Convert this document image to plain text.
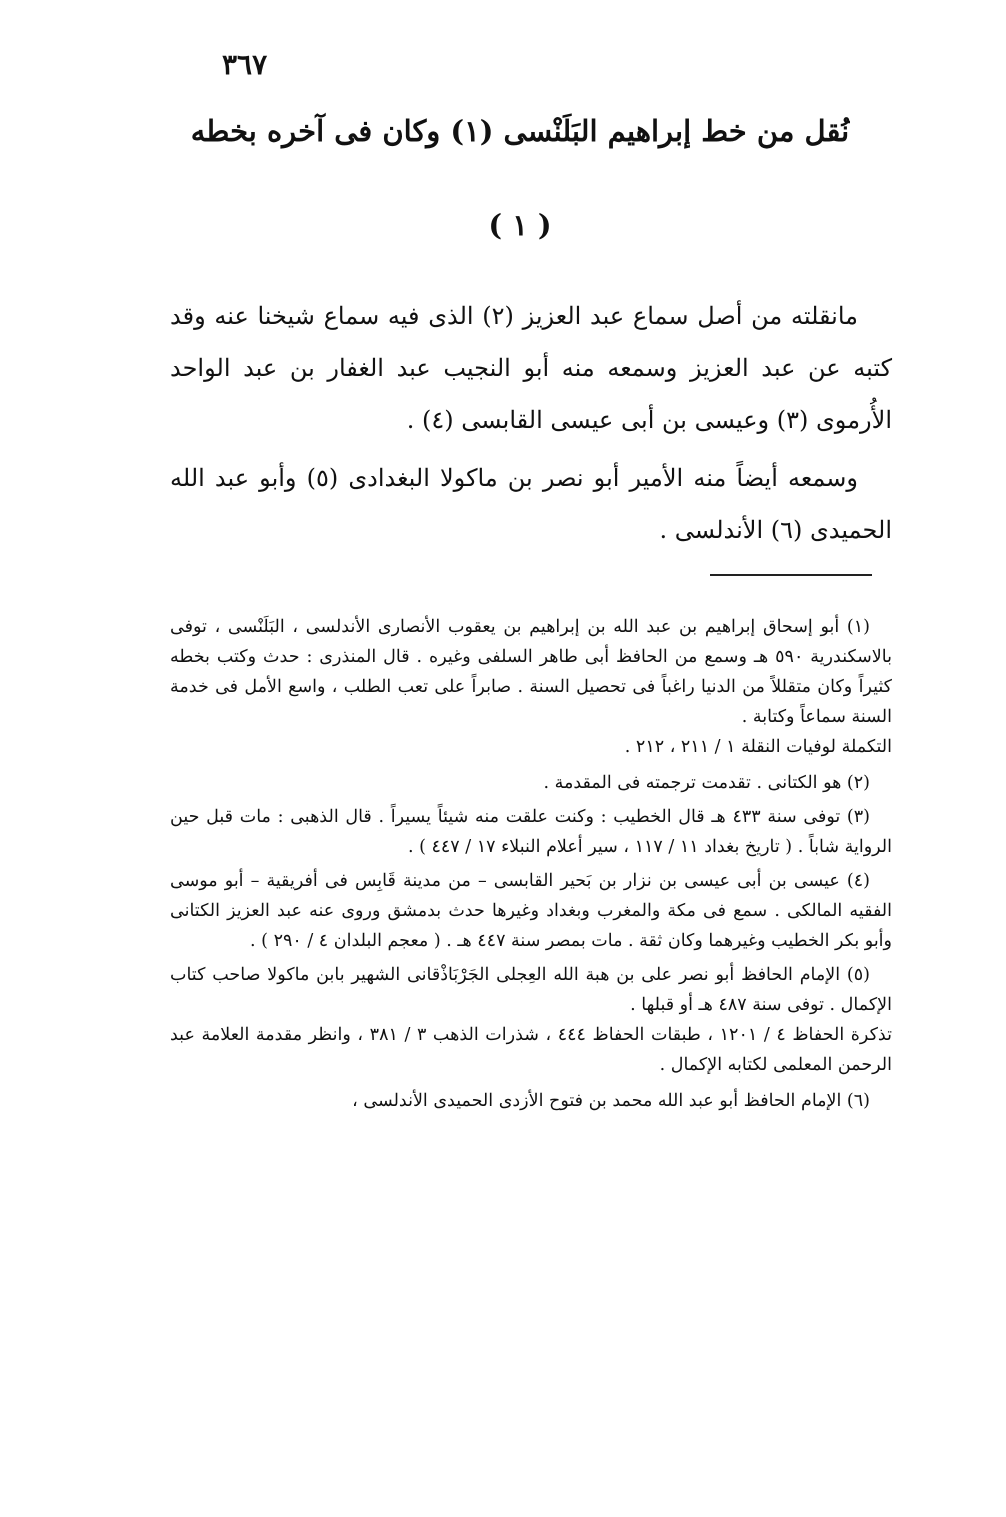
٣٦٧
نُقل من خط إبراهيم البَلَنْسى (١) وكان فى آخره بخطه
( ١ )

مانقلته من أصل سماع عبد العزيز (٢) الذى فيه سماع شيخنا عنه وقد كتبه عن عبد العزيز وسمعه منه أبو النجيب عبد الغفار بن عبد الواحد الأُرموى (٣) وعيسى بن أبى عيسى القابسى (٤) .

وسمعه أيضاً منه الأمير أبو نصر بن ماكولا البغدادى (٥) وأبو عبد الله الحميدى (٦) الأندلسى .

(١) أبو إسحاق إبراهيم بن عبد الله بن إبراهيم بن يعقوب الأنصارى الأندلسى ، البَلَنْسى ، توفى بالاسكندرية ٥٩٠ هـ وسمع من الحافظ أبى طاهر السلفى وغيره . قال المنذرى : حدث وكتب بخطه كثيراً وكان متقللاً من الدنيا راغباً فى تحصيل السنة . صابراً على تعب الطلب ، واسع الأمل فى خدمة السنة سماعاً وكتابة .

التكملة لوفيات النقلة ١ / ٢١١ ، ٢١٢ .

(٢) هو الكتانى . تقدمت ترجمته فى المقدمة .

(٣) توفى سنة ٤٣٣ هـ قال الخطيب : وكنت علقت منه شيئاً يسيراً . قال الذهبى : مات قبل حين الرواية شاباً . ( تاريخ بغداد ١١ / ١١٧ ، سير أعلام النبلاء ١٧ / ٤٤٧ ) .

(٤) عيسى بن أبى عيسى بن نزار بن بَحير القابسى – من مدينة قَابِس فى أفريقية – أبو موسى الفقيه المالكى . سمع فى مكة والمغرب وبغداد وغيرها حدث بدمشق وروى عنه عبد العزيز الكتانى وأبو بكر الخطيب وغيرهما وكان ثقة . مات بمصر سنة ٤٤٧ هـ . ( معجم البلدان ٤ / ٢٩٠ ) .

(٥) الإمام الحافظ أبو نصر على بن هبة الله العِجلى الجَرْبَاذْقانى الشهير بابن ماكولا صاحب كتاب الإكمال . توفى سنة ٤٨٧ هـ أو قبلها .

تذكرة الحفاظ ٤ / ١٢٠١ ، طبقات الحفاظ ٤٤٤ ، شذرات الذهب ٣ / ٣٨١ ، وانظر مقدمة العلامة عبد الرحمن المعلمى لكتابه الإكمال .

(٦) الإمام الحافظ أبو عبد الله محمد بن فتوح الأزدى الحميدى الأندلسى ،
